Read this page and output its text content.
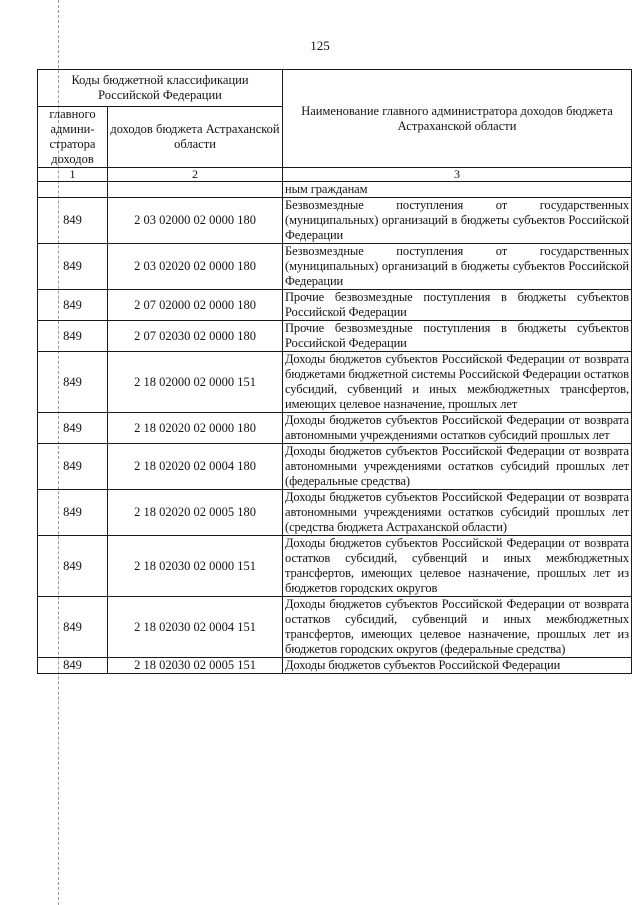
125
Коды бюджетной классификации Российской Федерации		Наименование главного администратора доходов бюджета Астраханской области
главного админи-стратора доходов	доходов бюджета Астраханской области	
1	2	3
		ным гражданам
849	2 03 02000 02 0000 180	Безвозмездные поступления от государственных (муниципальных) организаций в бюджеты субъектов Российской Федерации
849	2 03 02020 02 0000 180	Безвозмездные поступления от государственных (муниципальных) организаций в бюджеты субъектов Российской Федерации
849	2 07 02000 02 0000 180	Прочие безвозмездные поступления в бюджеты субъектов Российской Федерации
849	2 07 02030 02 0000 180	Прочие безвозмездные поступления в бюджеты субъектов Российской Федерации
849	2 18 02000 02 0000 151	Доходы бюджетов субъектов Российской Федерации от возврата бюджетами бюджетной системы Российской Федерации остатков субсидий, субвенций и иных межбюджетных трансфертов, имеющих целевое назначение, прошлых лет
849	2 18 02020 02 0000 180	Доходы бюджетов субъектов Российской Федерации от возврата автономными учреждениями остатков субсидий прошлых лет
849	2 18 02020 02 0004 180	Доходы бюджетов субъектов Российской Федерации от возврата автономными учреждениями остатков субсидий прошлых лет (федеральные средства)
849	2 18 02020 02 0005 180	Доходы бюджетов субъектов Российской Федерации от возврата автономными учреждениями остатков субсидий прошлых лет (средства бюджета Астраханской области)
849	2 18 02030 02 0000 151	Доходы бюджетов субъектов Российской Федерации от возврата остатков субсидий, субвенций и иных межбюджетных трансфертов, имеющих целевое назначение, прошлых лет из бюджетов городских округов
849	2 18 02030 02 0004 151	Доходы бюджетов субъектов Российской Федерации от возврата остатков субсидий, субвенций и иных межбюджетных трансфертов, имеющих целевое назначение, прошлых лет из бюджетов городских округов (федеральные средства)
849	2 18 02030 02 0005 151	Доходы бюджетов субъектов Российской Федерации
